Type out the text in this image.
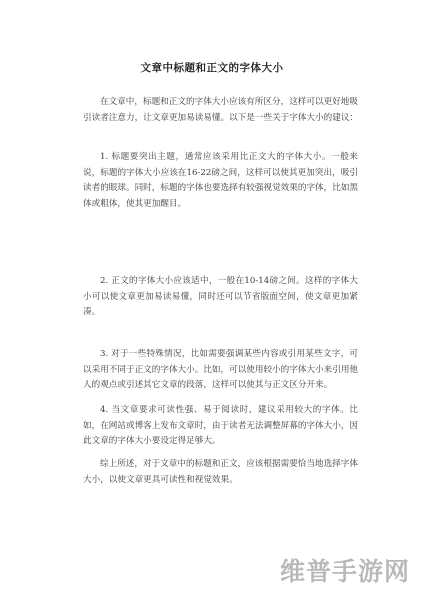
文章中标题和正文的字体大小

在文章中，标题和正文的字体大小应该有所区分，这样可以更好地吸引读者注意力，让文章更加易读易懂。以下是一些关于字体大小的建议：

1. 标题要突出主题，通常应该采用比正文大的字体大小。一般来说，标题的字体大小应该在16-22磅之间，这样可以使其更加突出，吸引读者的眼球。同时，标题的字体也要选择有较强视觉效果的字体，比如黑体或粗体，使其更加醒目。

2. 正文的字体大小应该适中，一般在10-14磅之间。这样的字体大小可以使文章更加易读易懂，同时还可以节省版面空间，使文章更加紧凑。

3. 对于一些特殊情况，比如需要强调某些内容或引用某些文字，可以采用不同于正文的字体大小。比如，可以使用较小的字体大小来引用他人的观点或引述其它文章的段落，这样可以使其与正文区分开来。

4. 当文章要求可读性强、易于阅读时，建议采用较大的字体。比如，在网站或博客上发布文章时，由于读者无法调整屏幕的字体大小，因此文章的字体大小要设定得足够大。

综上所述，对于文章中的标题和正文，应该根据需要恰当地选择字体大小，以使文章更具可读性和视觉效果。

维普手游网
